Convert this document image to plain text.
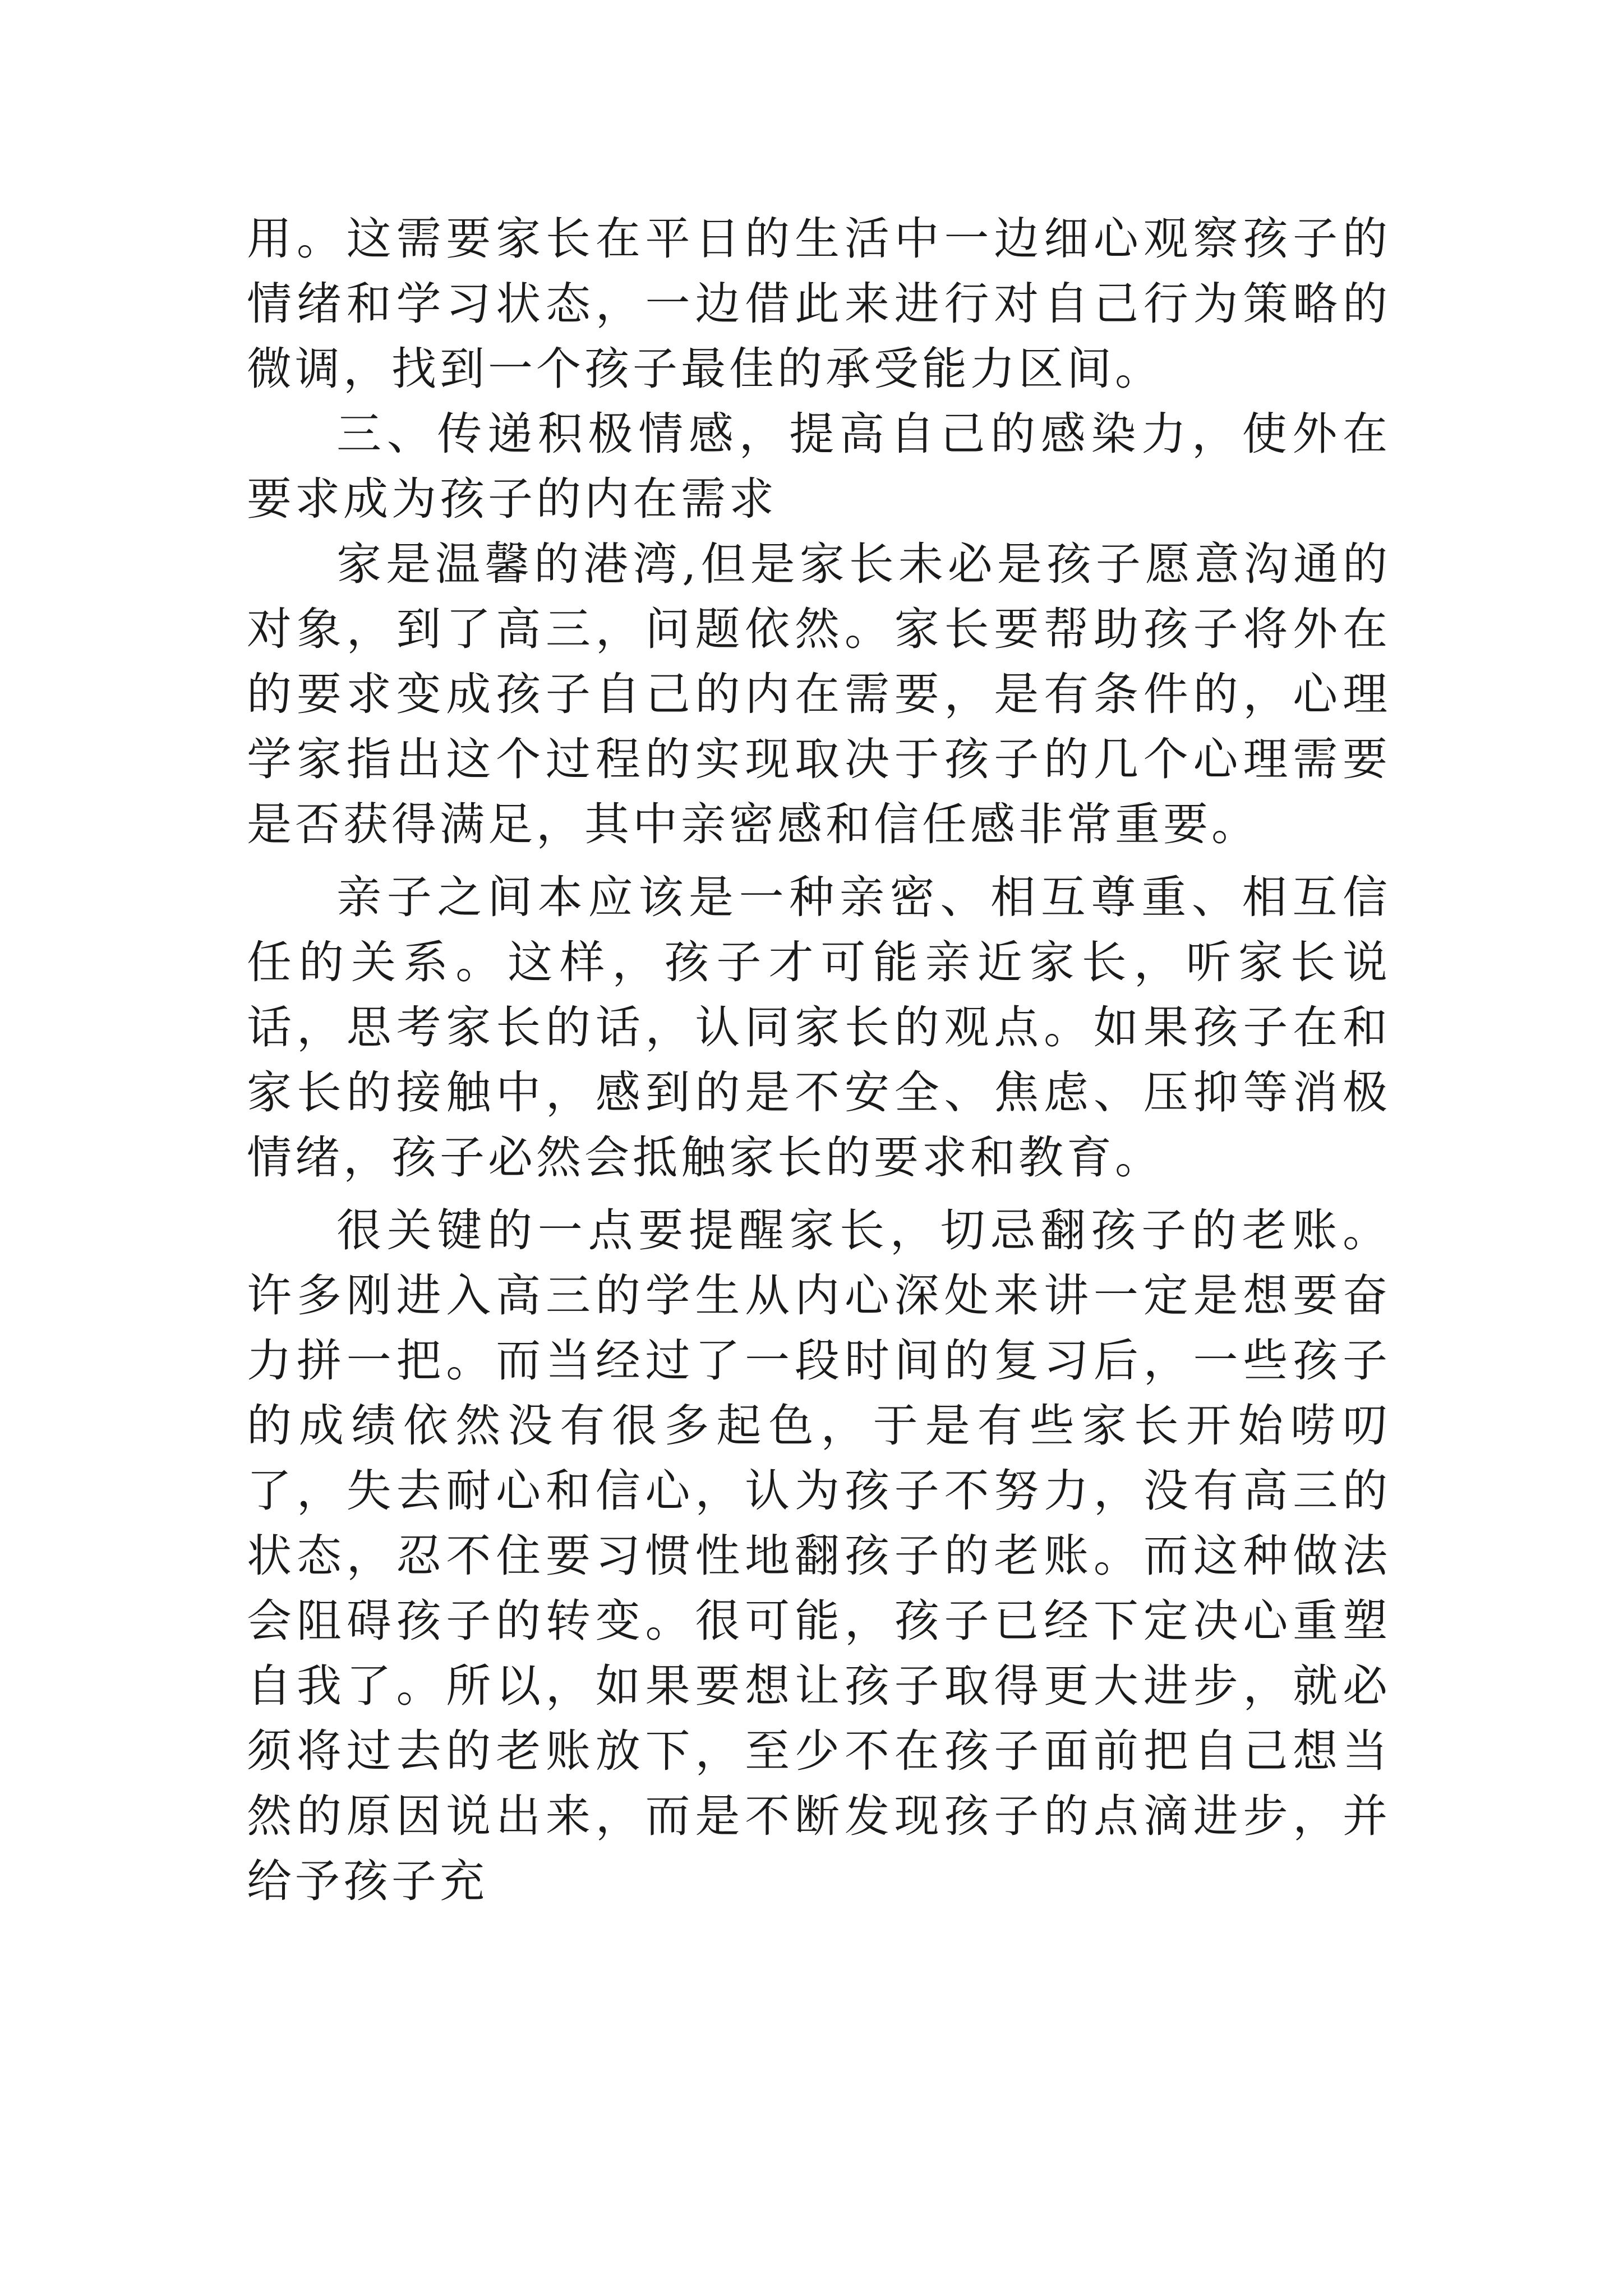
用。这需要家长在平日的生活中一边细心观察孩子的情绪和学习状态，一边借此来进行对自己行为策略的微调，找到一个孩子最佳的承受能力区间。

三、传递积极情感，提高自己的感染力，使外在要求成为孩子的内在需求

家是温馨的港湾,但是家长未必是孩子愿意沟通的对象，到了高三，问题依然。家长要帮助孩子将外在的要求变成孩子自己的内在需要，是有条件的，心理学家指出这个过程的实现取决于孩子的几个心理需要是否获得满足，其中亲密感和信任感非常重要。

亲子之间本应该是一种亲密、相互尊重、相互信任的关系。这样，孩子才可能亲近家长，听家长说话，思考家长的话，认同家长的观点。如果孩子在和家长的接触中，感到的是不安全、焦虑、压抑等消极情绪，孩子必然会抵触家长的要求和教育。

很关键的一点要提醒家长，切忌翻孩子的老账。许多刚进入高三的学生从内心深处来讲一定是想要奋力拼一把。而当经过了一段时间的复习后，一些孩子的成绩依然没有很多起色，于是有些家长开始唠叨了，失去耐心和信心，认为孩子不努力，没有高三的状态，忍不住要习惯性地翻孩子的老账。而这种做法会阻碍孩子的转变。很可能，孩子已经下定决心重塑自我了。所以，如果要想让孩子取得更大进步，就必须将过去的老账放下，至少不在孩子面前把自己想当然的原因说出来，而是不断发现孩子的点滴进步，并给予孩子充
